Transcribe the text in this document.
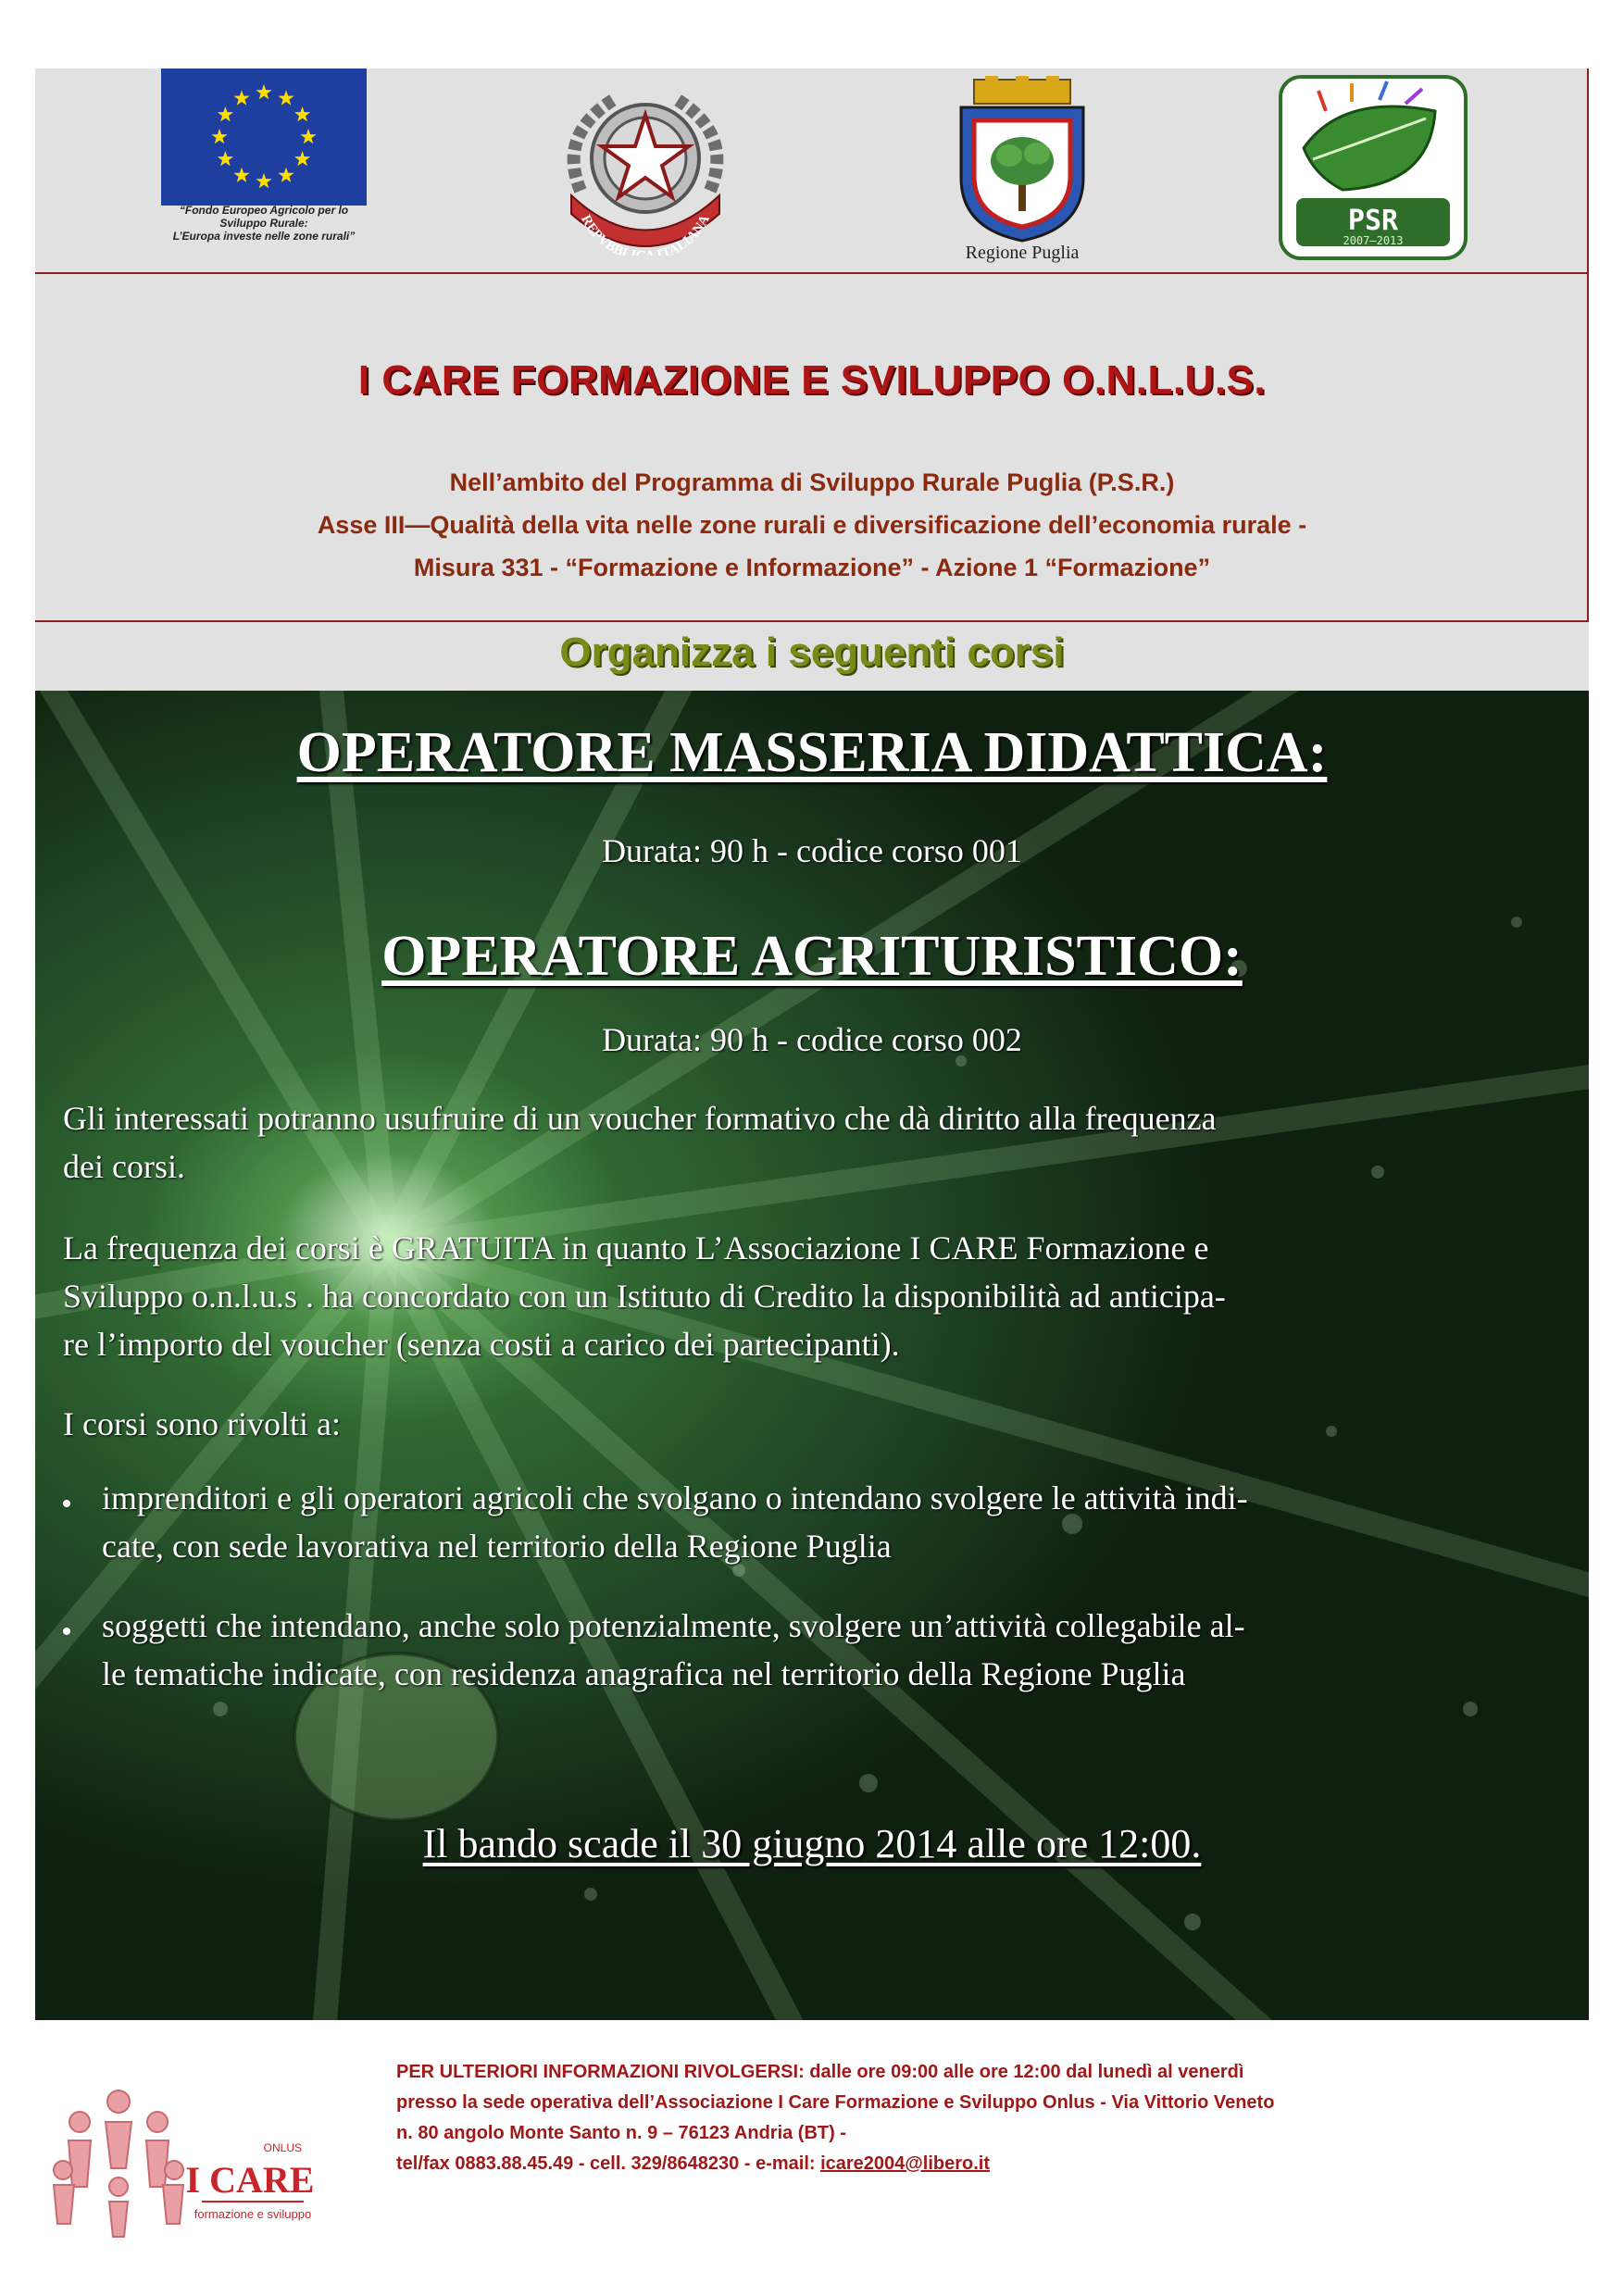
“Fondo Europeo Agricolo per lo
Sviluppo Rurale:
L’Europa investe nelle zone rurali”
REPVBBLI ITALIANA
Regione Puglia
PSR
2007–2013
I CARE FORMAZIONE E SVILUPPO O.N.L.U.S.
Nell’ambito del Programma di Sviluppo Rurale Puglia (P.S.R.)
Asse III—Qualità della vita nelle zone rurali e diversificazione dell’economia rurale -
Misura 331 - “Formazione e Informazione” - Azione 1 “Formazione”
Organizza i seguenti corsi
OPERATORE MASSERIA DIDATTICA:
Durata: 90 h - codice corso 001
OPERATORE AGRITURISTICO:
Durata: 90 h - codice corso 002
Gli interessati potranno usufruire di un voucher formativo che dà diritto alla frequenza
dei corsi.
La frequenza dei corsi è GRATUITA in quanto L’Associazione I CARE Formazione e
Sviluppo o.n.l.u.s . ha concordato con un Istituto di Credito la disponibilità ad anticipa-
re l’importo del voucher (senza costi a carico dei partecipanti).
I corsi sono rivolti a:
imprenditori e gli operatori agricoli che svolgano o intendano svolgere le attività indi-
cate, con sede lavorativa nel territorio della Regione Puglia
soggetti che intendano, anche solo potenzialmente, svolgere un’attività collegabile al-
le tematiche indicate, con residenza anagrafica nel territorio della Regione Puglia
Il bando scade il 30 giugno 2014 alle ore 12:00.
ONLUS
I CARE
formazione e sviluppo
PER ULTERIORI INFORMAZIONI RIVOLGERSI: dalle ore 09:00 alle ore 12:00 dal lunedì al venerdì
presso la sede operativa dell’Associazione I Care Formazione e Sviluppo Onlus - Via Vittorio Veneto
n. 80 angolo Monte Santo n. 9 – 76123 Andria (BT) -
tel/fax 0883.88.45.49 - cell. 329/8648230 - e-mail: icare2004@libero.it
